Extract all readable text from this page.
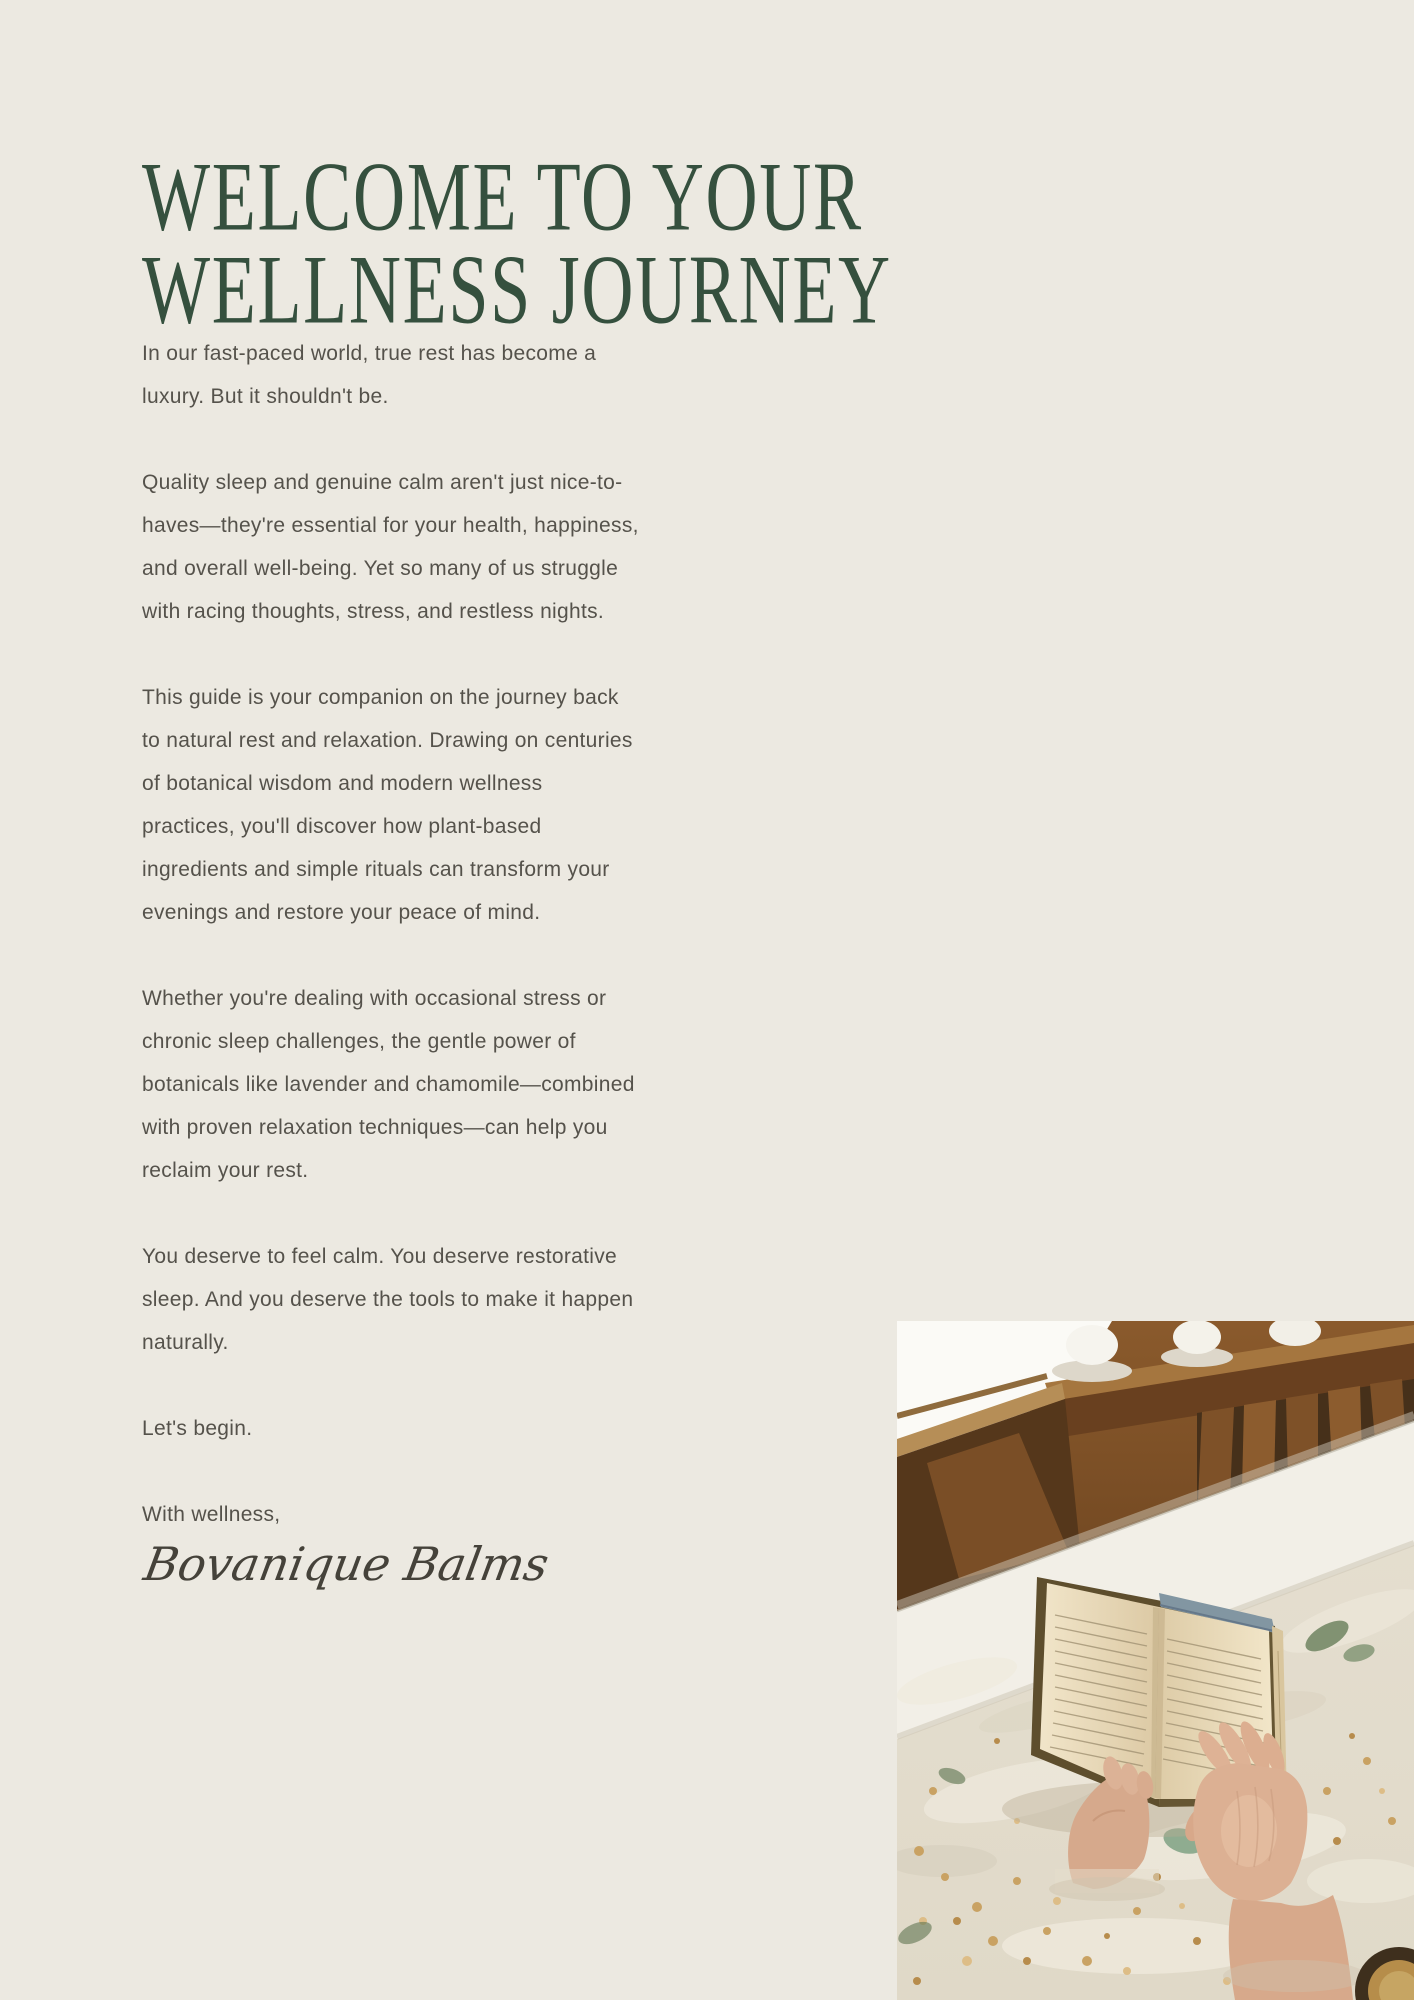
WELCOME TO YOUR
WELLNESS JOURNEY

In our fast-paced world, true rest has become a
luxury. But it shouldn't be.

Quality sleep and genuine calm aren't just nice-to-
haves—they're essential for your health, happiness,
and overall well-being. Yet so many of us struggle
with racing thoughts, stress, and restless nights.

This guide is your companion on the journey back
to natural rest and relaxation. Drawing on centuries
of botanical wisdom and modern wellness
practices, you'll discover how plant-based
ingredients and simple rituals can transform your
evenings and restore your peace of mind.

Whether you're dealing with occasional stress or
chronic sleep challenges, the gentle power of
botanicals like lavender and chamomile—combined
with proven relaxation techniques—can help you
reclaim your rest.

You deserve to feel calm. You deserve restorative
sleep. And you deserve the tools to make it happen
naturally.

Let's begin.

With wellness,

Bovanique Balms
